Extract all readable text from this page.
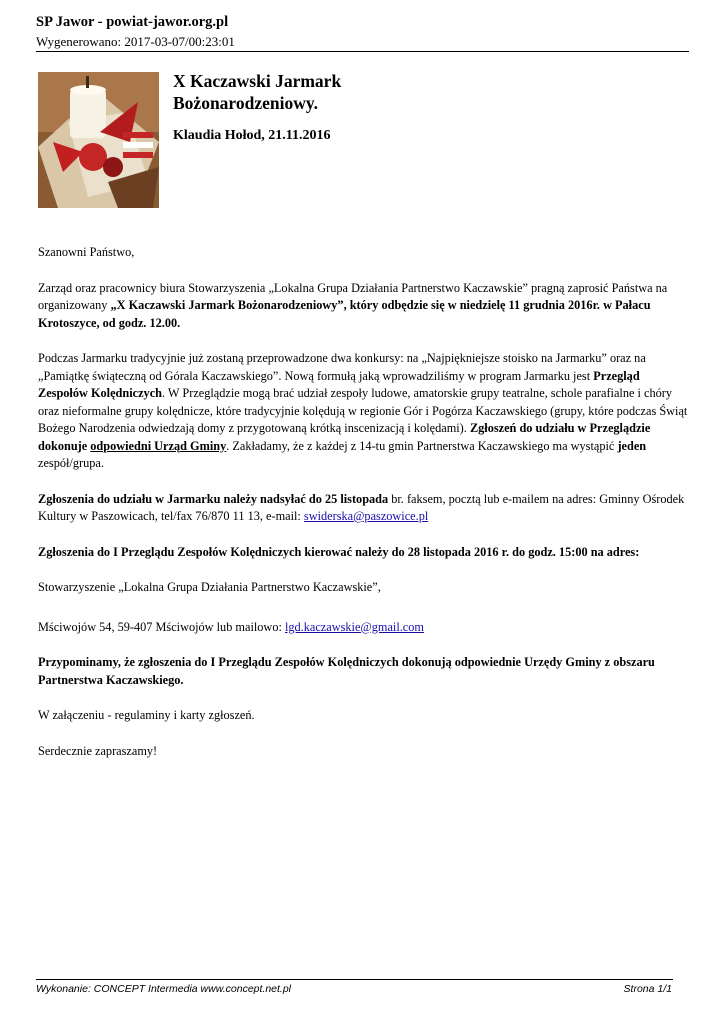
SP Jawor - powiat-jawor.org.pl
Wygenerowano: 2017-03-07/00:23:01
X Kaczawski Jarmark
Bożonarodzeniowy.
Klaudia Hołod, 21.11.2016

Szanowni Państwo,

Zarząd oraz pracownicy biura Stowarzyszenia „Lokalna Grupa Działania Partnerstwo Kaczawskie” pragną zaprosić Państwa na organizowany „X Kaczawski Jarmark Bożonarodzeniowy”, który odbędzie się w niedzielę 11 grudnia 2016r. w Pałacu Krotoszyce, od godz. 12.00.

Podczas Jarmarku tradycyjnie już zostaną przeprowadzone dwa konkursy: na „Najpiękniejsze stoisko na Jarmarku” oraz na „Pamiątkę świąteczną od Górala Kaczawskiego”. Nową formułą jaką wprowadziliśmy w program Jarmarku jest Przegląd Zespołów Kolędniczych. W Przeglądzie mogą brać udział zespoły ludowe, amatorskie grupy teatralne, schole parafialne i chóry oraz nieformalne grupy kolędnicze, które tradycyjnie kolędują w regionie Gór i Pogórza Kaczawskiego (grupy, które podczas Świąt Bożego Narodzenia odwiedzają domy z przygotowaną krótką inscenizacją i kolędami). Zgłoszeń do udziału w Przeglądzie dokonuje odpowiedni Urząd Gminy. Zakładamy, że z każdej z 14-tu gmin Partnerstwa Kaczawskiego ma wystąpić jeden zespół/grupa.

Zgłoszenia do udziału w Jarmarku należy nadsyłać do 25 listopada br. faksem, pocztą lub e-mailem na adres: Gminny Ośrodek Kultury w Paszowicach, tel/fax 76/870 11 13, e-mail: swiderska@paszowice.pl

Zgłoszenia do I Przeglądu Zespołów Kolędniczych kierować należy do 28 listopada 2016 r. do godz. 15:00 na adres:

Stowarzyszenie „Lokalna Grupa Działania Partnerstwo Kaczawskie”,

Mściwojów 54, 59-407 Mściwojów lub mailowo: lgd.kaczawskie@gmail.com

Przypominamy, że zgłoszenia do I Przeglądu Zespołów Kolędniczych dokonują odpowiednie Urzędy Gminy z obszaru Partnerstwa Kaczawskiego.

W załączeniu - regulaminy i karty zgłoszeń.

Serdecznie zapraszamy!

Wykonanie: CONCEPT Intermedia www.concept.net.pl	Strona 1/1
